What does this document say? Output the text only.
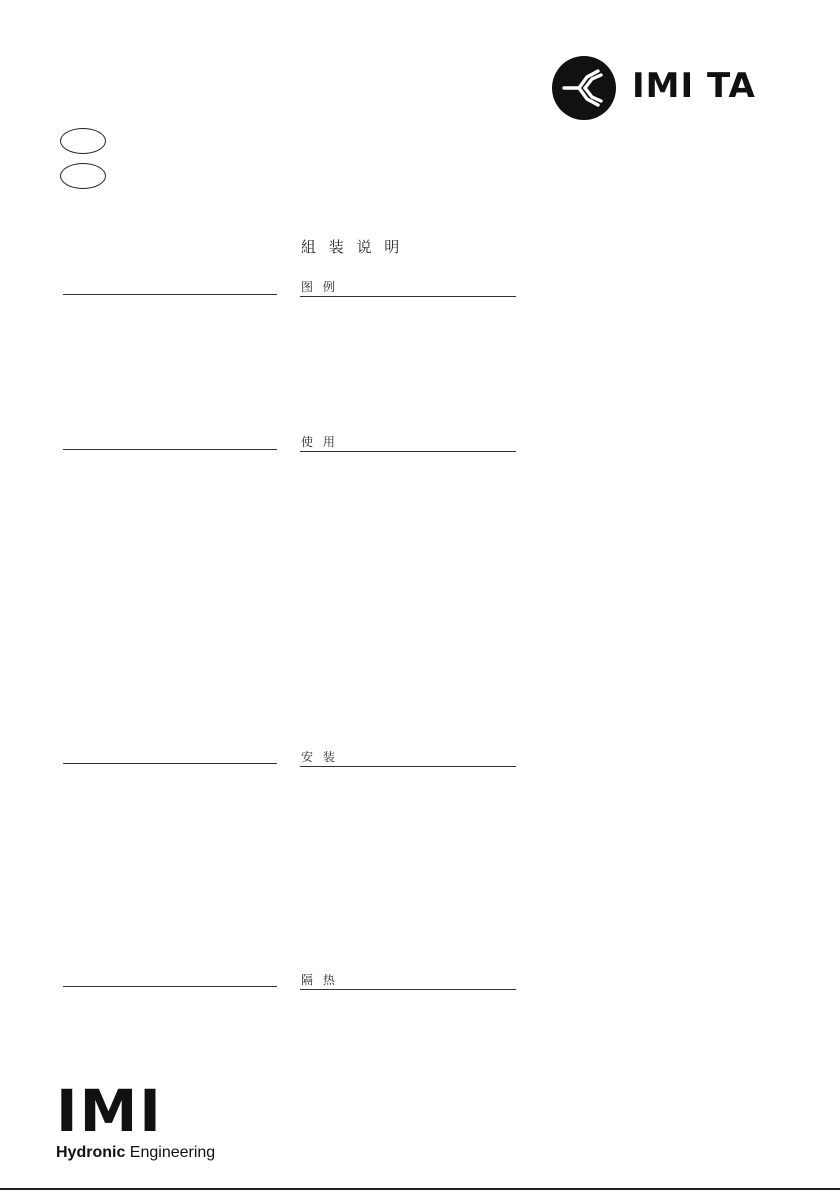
IMI TA
組 装 说 明
图 例
使 用
安 装
隔 热
IMI
Hydronic Engineering
